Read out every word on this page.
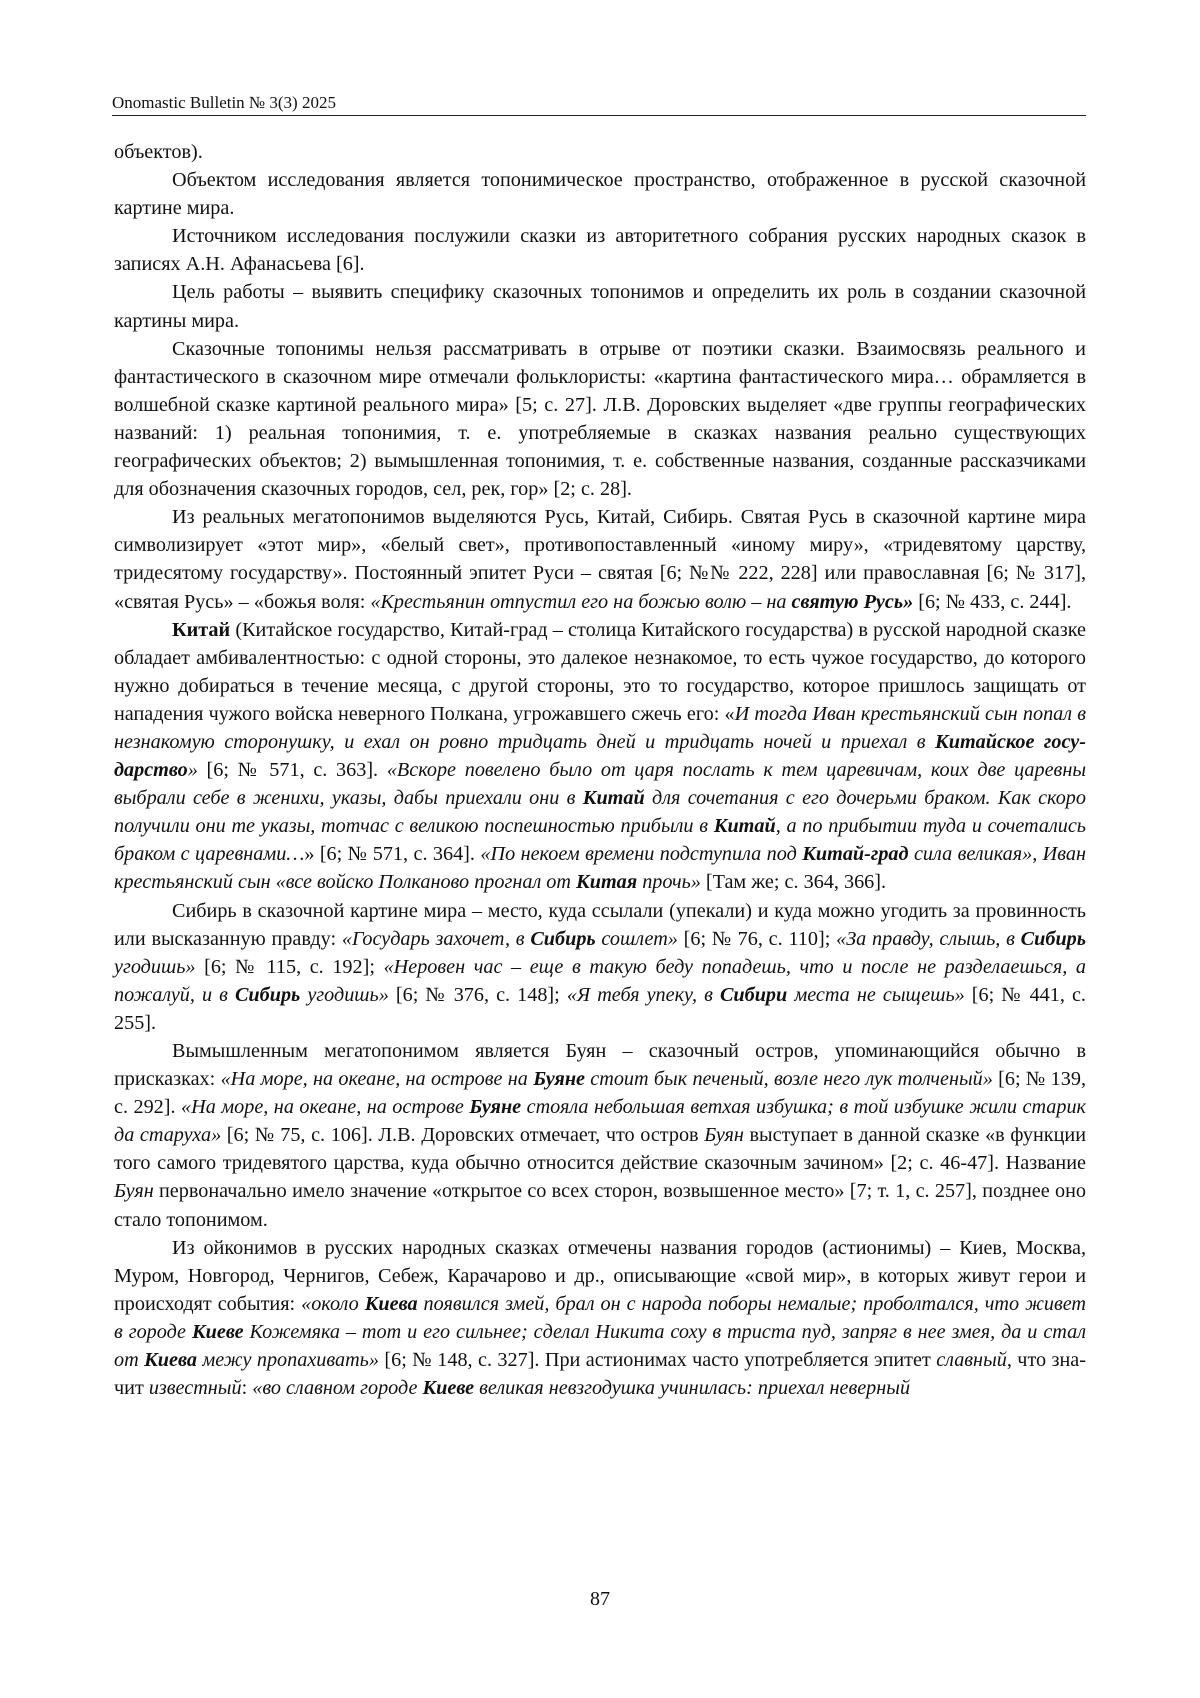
Onomastic Bulletin № 3(3) 2025

объектов).

Объектом исследования является топонимическое пространство, отображенное в русской сказочной картине мира.

Источником исследования послужили сказки из авторитетного собрания русских народных сказок в записях А.Н. Афанасьева [6].

Цель работы – выявить специфику сказочных топонимов и определить их роль в создании сказочной картины мира.

Сказочные топонимы нельзя рассматривать в отрыве от поэтики сказки. Взаимосвязь реального и фантастического в сказочном мире отмечали фольклористы: «картина фантастического мира… обрамляется в волшебной сказке картиной реального мира» [5; с. 27]. Л.В. Доровских выделяет «две группы географических названий: 1) реальная топонимия, т. е. употребляемые в сказках названия реально существующих географических объектов; 2) вымышленная топонимия, т. е. собственные названия, созданные рассказчиками для обозначения сказочных городов, сел, рек, гор» [2; с. 28].

Из реальных мегатопонимов выделяются Русь, Китай, Сибирь. Святая Русь в сказочной картине мира символизирует «этот мир», «белый свет», противопоставленный «иному миру», «тридевятому царству, тридесятому государству». Постоянный эпитет Руси – святая [6; №№ 222, 228] или православная [6; № 317], «святая Русь» – «божья воля: «Крестьянин отпустил его на божью волю – на святую Русь» [6; № 433, с. 244].

Китай (Китайское государство, Китай-град – столица Китайского государства) в русской народной сказке обладает амбивалентностью: с одной стороны, это далекое незнакомое, то есть чужое государство, до которого нужно добираться в течение месяца, с другой стороны, это то государство, которое пришлось защищать от нападения чужого войска неверного Полкана, угрожавшего сжечь его: «И тогда Иван крестьянский сын попал в незнакомую сторонушку, и ехал он ровно тридцать дней и тридцать ночей и приехал в Китайское государство» [6; № 571, с. 363]. «Вскоре повелено было от царя послать к тем царевичам, коих две царевны выбрали себе в женихи, указы, дабы приехали они в Китай для сочетания с его дочерьми браком. Как скоро получили они те указы, тотчас с великою поспешностью прибыли в Китай, а по прибытии туда и сочетались браком с царевнами…» [6; № 571, с. 364]. «По некоем времени подступила под Китай-град сила великая», Иван крестьянский сын «все войско Полканово прогнал от Китая прочь» [Там же; с. 364, 366].

Сибирь в сказочной картине мира – место, куда ссылали (упекали) и куда можно угодить за провинность или высказанную правду: «Государь захочет, в Сибирь сошлет» [6; № 76, с. 110]; «За правду, слышь, в Сибирь угодишь» [6; № 115, с. 192]; «Неровен час – еще в такую беду попадешь, что и после не разделаешься, а пожалуй, и в Сибирь угодишь» [6; № 376, с. 148]; «Я тебя упеку, в Сибири места не сыщешь» [6; № 441, с. 255].

Вымышленным мегатопонимом является Буян – сказочный остров, упоминающийся обычно в присказках: «На море, на океане, на острове на Буяне стоит бык печеный, возле него лук толченый» [6; № 139, с. 292]. «На море, на океане, на острове Буяне стояла небольшая ветхая избушка; в той избушке жили старик да старуха» [6; № 75, с. 106]. Л.В. Доровских отмечает, что остров Буян выступает в данной сказке «в функции того самого тридевятого царства, куда обычно относится действие сказочным зачином» [2; с. 46-47]. Название Буян первоначально имело значение «открытое со всех сторон, возвышенное место» [7; т. 1, с. 257], позднее оно стало топонимом.

Из ойконимов в русских народных сказках отмечены названия городов (астионимы) – Киев, Москва, Муром, Новгород, Чернигов, Себеж, Карачарово и др., описывающие «свой мир», в которых живут герои и происходят события: «около Киева появился змей, брал он с народа поборы немалые; проболтался, что живет в городе Киеве Кожемяка – тот и его сильнее; сделал Никита соху в триста пуд, запряг в нее змея, да и стал от Киева межу пропахивать» [6; № 148, с. 327]. При астионимах часто употребляется эпитет славный, что значит известный: «во славном городе Киеве великая невзгодушка учинилась: приехал неверный

87
